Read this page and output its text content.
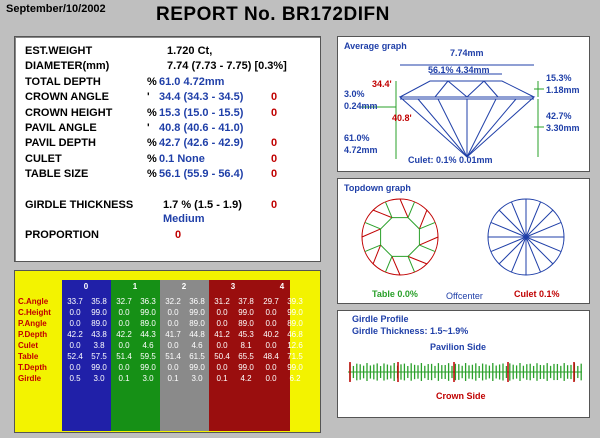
September/10/2002	REPORT No. BR172DIFN
EST.WEIGHT	1.720 Ct,
DIAMETER(mm)	7.74 (7.73 - 7.75) [0.3%]
TOTAL DEPTH	% 61.0 4.72mm
CROWN ANGLE	' 34.4 (34.3 - 34.5)	0
CROWN HEIGHT	% 15.3 (15.0 - 15.5)	0
PAVIL ANGLE	' 40.8 (40.6 - 41.0)
PAVIL DEPTH	% 42.7 (42.6 - 42.9)	0
CULET	% 0.1 None	0
TABLE SIZE	% 56.1 (55.9 - 56.4)	0
GIRDLE THICKNESS	1.7 % (1.5 - 1.9)	0
Medium
PROPORTION	0
0	1	2	3	4
C.Angle	33.7	35.8	32.7	36.3	32.2	36.8	31.2	37.8	29.7	39.3
C.Height	0.0	99.0	0.0	99.0	0.0	99.0	0.0	99.0	0.0	99.0
P.Angle	0.0	89.0	0.0	89.0	0.0	89.0	0.0	89.0	0.0	89.0
P.Depth	42.2	43.8	42.2	44.3	41.7	44.8	41.2	45.3	40.2	46.8
Culet	0.0	3.8	0.0	4.6	0.0	4.6	0.0	8.1	0.0	12.6
Table	52.4	57.5	51.4	59.5	51.4	61.5	50.4	65.5	48.4	71.5
T.Depth	0.0	99.0	0.0	99.0	0.0	99.0	0.0	99.0	0.0	99.0
Girdle	0.5	3.0	0.1	3.0	0.1	3.0	0.1	4.2	0.0	6.2
Average graph
7.74mm
56.1% 4.34mm
34.4'
40.8'
3.0%
0.24mm
61.0%
4.72mm
15.3%
1.18mm
42.7%
3.30mm
Culet: 0.1% 0.01mm
Topdown graph
Table 0.0%	Offcenter	Culet 0.1%
Girdle Profile
Girdle Thickness: 1.5~1.9%
Pavilion Side
Crown Side
